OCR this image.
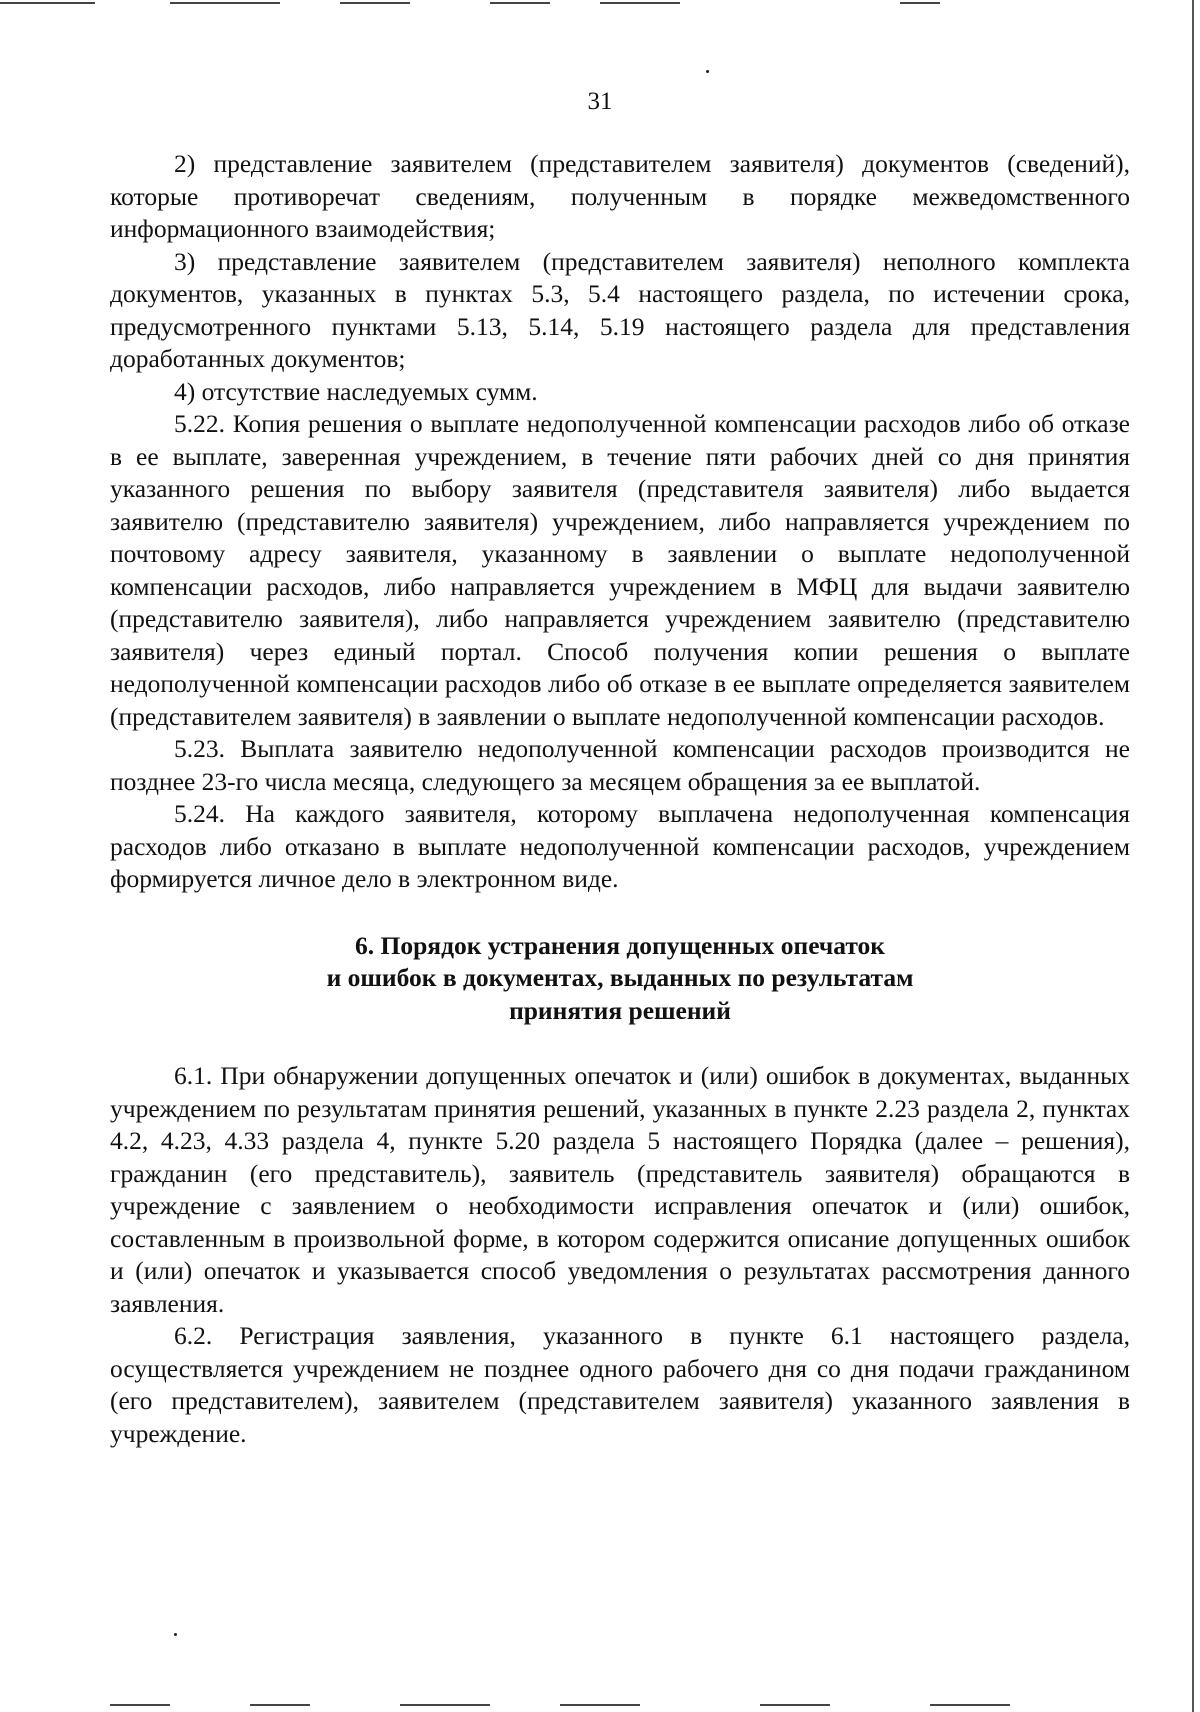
31

2) представление заявителем (представителем заявителя) документов (сведений), которые противоречат сведениям, полученным в порядке межведомственного информационного взаимодействия;

3) представление заявителем (представителем заявителя) неполного комплекта документов, указанных в пунктах 5.3, 5.4 настоящего раздела, по истечении срока, предусмотренного пунктами 5.13, 5.14, 5.19 настоящего раздела для представления доработанных документов;

4) отсутствие наследуемых сумм.

5.22. Копия решения о выплате недополученной компенсации расходов либо об отказе в ее выплате, заверенная учреждением, в течение пяти рабочих дней со дня принятия указанного решения по выбору заявителя (представителя заявителя) либо выдается заявителю (представителю заявителя) учреждением, либо направляется учреждением по почтовому адресу заявителя, указанному в заявлении о выплате недополученной компенсации расходов, либо направляется учреждением в МФЦ для выдачи заявителю (представителю заявителя), либо направляется учреждением заявителю (представителю заявителя) через единый портал. Способ получения копии решения о выплате недополученной компенсации расходов либо об отказе в ее выплате определяется заявителем (представителем заявителя) в заявлении о выплате недополученной компенсации расходов.

5.23. Выплата заявителю недополученной компенсации расходов производится не позднее 23-го числа месяца, следующего за месяцем обращения за ее выплатой.

5.24. На каждого заявителя, которому выплачена недополученная компенсация расходов либо отказано в выплате недополученной компенсации расходов, учреждением формируется личное дело в электронном виде.

6. Порядок устранения допущенных опечаток
и ошибок в документах, выданных по результатам
принятия решений

6.1. При обнаружении допущенных опечаток и (или) ошибок в документах, выданных учреждением по результатам принятия решений, указанных в пункте 2.23 раздела 2, пунктах 4.2, 4.23, 4.33 раздела 4, пункте 5.20 раздела 5 настоящего Порядка (далее – решения), гражданин (его представитель), заявитель (представитель заявителя) обращаются в учреждение с заявлением о необходимости исправления опечаток и (или) ошибок, составленным в произвольной форме, в котором содержится описание допущенных ошибок и (или) опечаток и указывается способ уведомления о результатах рассмотрения данного заявления.

6.2. Регистрация заявления, указанного в пункте 6.1 настоящего раздела, осуществляется учреждением не позднее одного рабочего дня со дня подачи гражданином (его представителем), заявителем (представителем заявителя) указанного заявления в учреждение.
